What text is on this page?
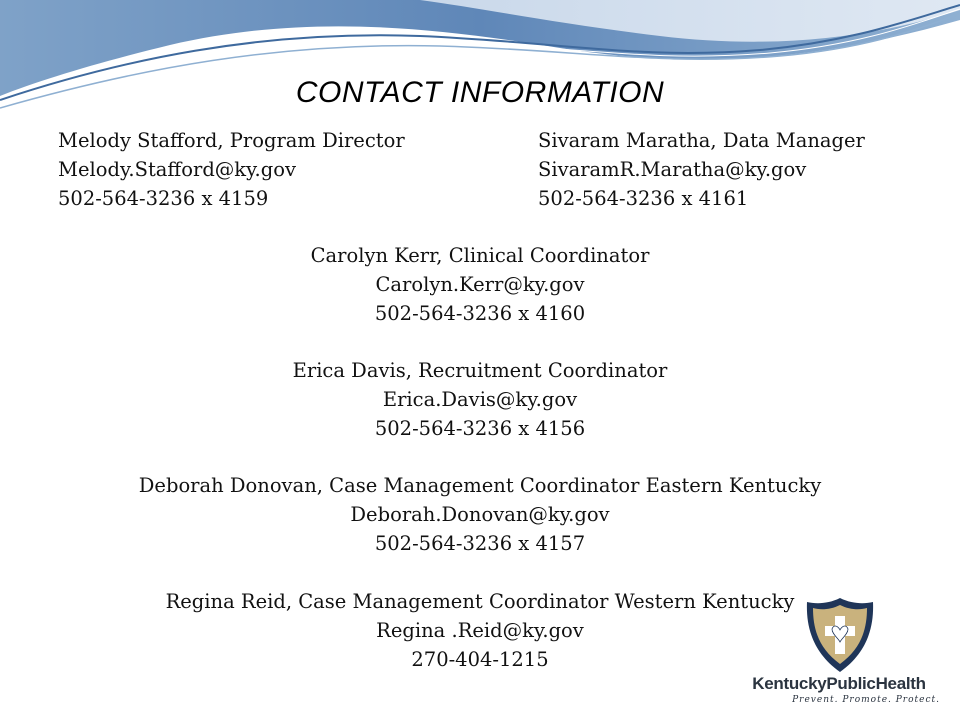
CONTACT INFORMATION
Melody Stafford, Program Director
Melody.Stafford@ky.gov
502-564-3236 x 4159
Sivaram Maratha, Data Manager
SivaramR.Maratha@ky.gov
502-564-3236 x 4161
Carolyn Kerr, Clinical Coordinator
Carolyn.Kerr@ky.gov
502-564-3236 x 4160
Erica Davis, Recruitment Coordinator
Erica.Davis@ky.gov
502-564-3236 x 4156
Deborah Donovan, Case Management Coordinator Eastern Kentucky
Deborah.Donovan@ky.gov
502-564-3236 x 4157
Regina Reid, Case Management Coordinator Western Kentucky
Regina .Reid@ky.gov
270-404-1215
KentuckyPublicHealth
Prevent. Promote. Protect.
